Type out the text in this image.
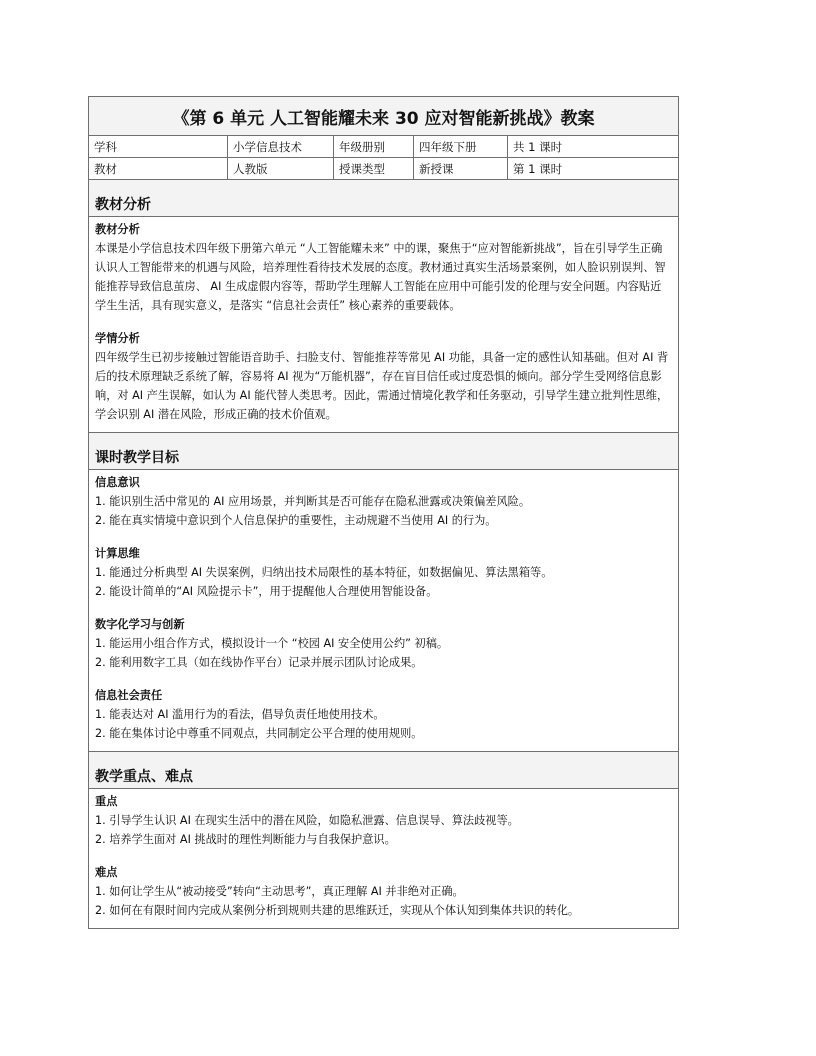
《第 6 单元 人工智能耀未来 30 应对智能新挑战》教案
学科	小学信息技术	年级册别	四年级下册	共 1 课时
教材	人教版	授课类型	新授课	第 1 课时
教材分析

教材分析

本课是小学信息技术四年级下册第六单元 “人工智能耀未来” 中的课，聚焦于“应对智能新挑战”，旨在引导学生正确认识人工智能带来的机遇与风险，培养理性看待技术发展的态度。教材通过真实生活场景案例，如人脸识别误判、智能推荐导致信息茧房、 AI 生成虚假内容等，帮助学生理解人工智能在应用中可能引发的伦理与安全问题。内容贴近学生生活，具有现实意义，是落实 “信息社会责任” 核心素养的重要载体。

学情分析

四年级学生已初步接触过智能语音助手、扫脸支付、智能推荐等常见 AI 功能，具备一定的感性认知基础。但对 AI 背后的技术原理缺乏系统了解，容易将 AI 视为“万能机器”，存在盲目信任或过度恐惧的倾向。部分学生受网络信息影响，对 AI 产生误解，如认为 AI 能代替人类思考。因此，需通过情境化教学和任务驱动，引导学生建立批判性思维，学会识别 AI 潜在风险，形成正确的技术价值观。

课时教学目标

信息意识

1. 能识别生活中常见的 AI 应用场景，并判断其是否可能存在隐私泄露或决策偏差风险。

2. 能在真实情境中意识到个人信息保护的重要性，主动规避不当使用 AI 的行为。

计算思维

1. 能通过分析典型 AI 失误案例，归纳出技术局限性的基本特征，如数据偏见、算法黑箱等。

2. 能设计简单的“AI 风险提示卡”，用于提醒他人合理使用智能设备。

数字化学习与创新

1. 能运用小组合作方式，模拟设计一个 “校园 AI 安全使用公约” 初稿。

2. 能利用数字工具（如在线协作平台）记录并展示团队讨论成果。

信息社会责任

1. 能表达对 AI 滥用行为的看法，倡导负责任地使用技术。

2. 能在集体讨论中尊重不同观点，共同制定公平合理的使用规则。

教学重点、难点

重点

1. 引导学生认识 AI 在现实生活中的潜在风险，如隐私泄露、信息误导、算法歧视等。

2. 培养学生面对 AI 挑战时的理性判断能力与自我保护意识。

难点

1. 如何让学生从“被动接受”转向“主动思考”，真正理解 AI 并非绝对正确。

2. 如何在有限时间内完成从案例分析到规则共建的思维跃迁，实现从个体认知到集体共识的转化。
